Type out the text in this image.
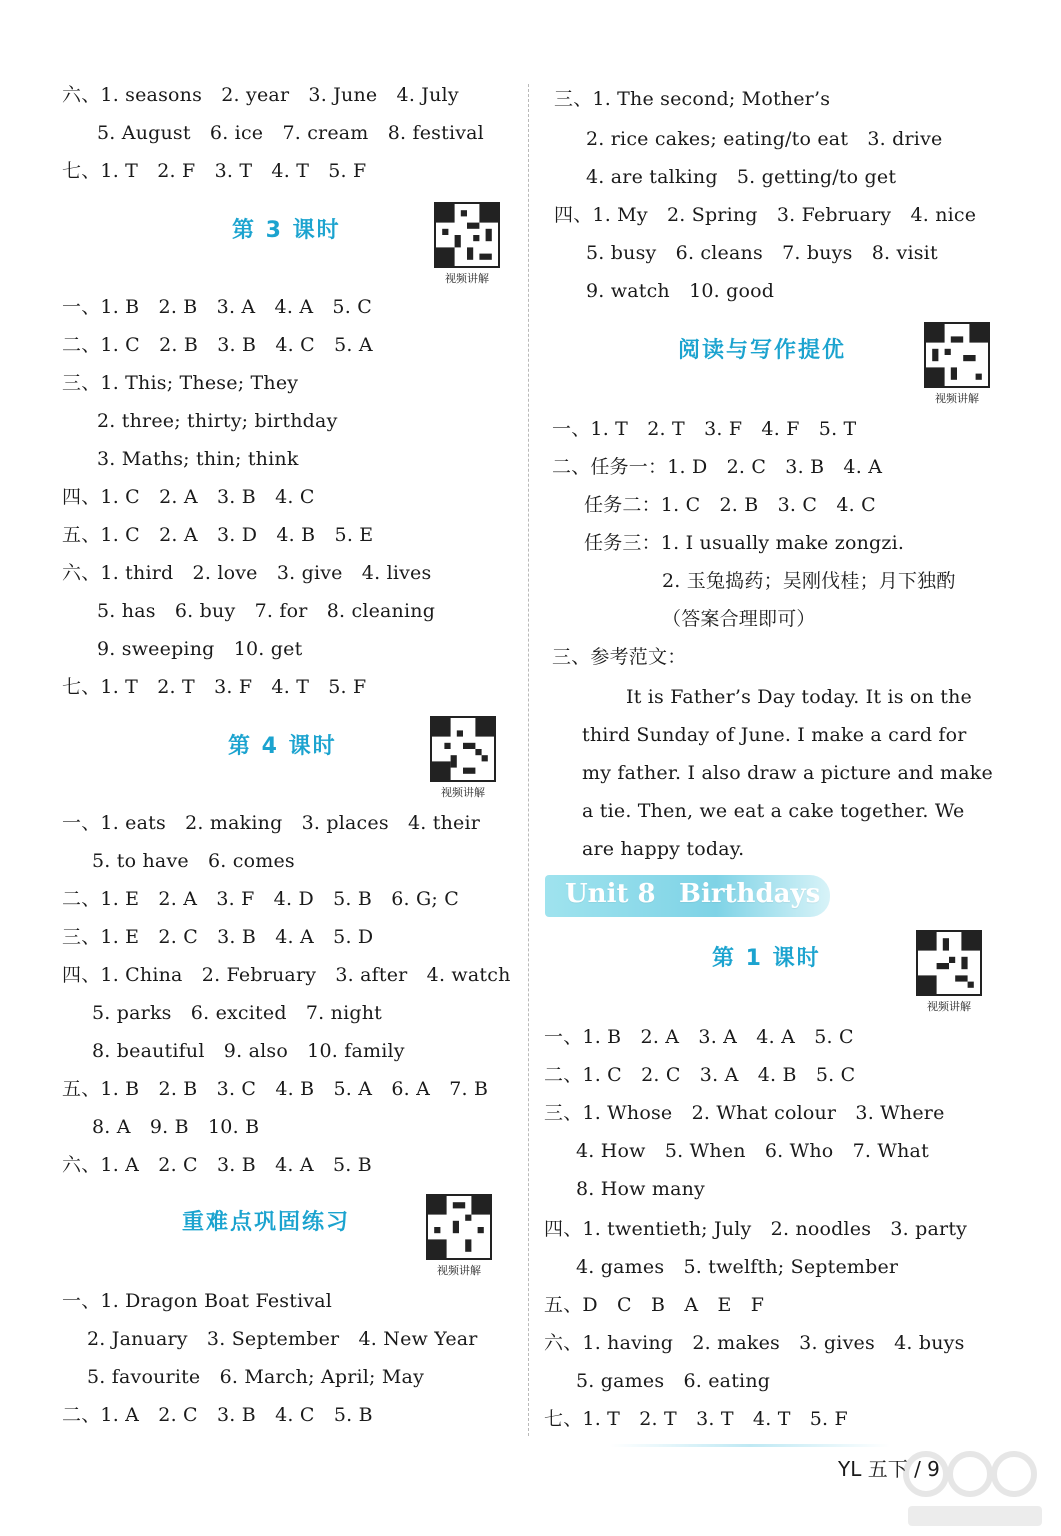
六、1. seasons　2. year　3. June　4. July
5. August　6. ice　7. cream　8. festival
七、1. T　2. F　3. T　4. T　5. F
第 3 课时
视频讲解
一、1. B　2. B　3. A　4. A　5. C
二、1. C　2. B　3. B　4. C　5. A
三、1. This; These; They
2. three; thirty; birthday
3. Maths; thin; think
四、1. C　2. A　3. B　4. C
五、1. C　2. A　3. D　4. B　5. E
六、1. third　2. love　3. give　4. lives
5. has　6. buy　7. for　8. cleaning
9. sweeping　10. get
七、1. T　2. T　3. F　4. T　5. F
第 4 课时
视频讲解
一、1. eats　2. making　3. places　4. their
5. to have　6. comes
二、1. E　2. A　3. F　4. D　5. B　6. G; C
三、1. E　2. C　3. B　4. A　5. D
四、1. China　2. February　3. after　4. watch
5. parks　6. excited　7. night
8. beautiful　9. also　10. family
五、1. B　2. B　3. C　4. B　5. A　6. A　7. B
8. A　9. B　10. B
六、1. A　2. C　3. B　4. A　5. B
重难点巩固练习
视频讲解
一、1. Dragon Boat Festival
2. January　3. September　4. New Year
5. favourite　6. March; April; May
二、1. A　2. C　3. B　4. C　5. B
三、1. The second; Mother’s
2. rice cakes; eating/to eat　3. drive
4. are talking　5. getting/to get
四、1. My　2. Spring　3. February　4. nice
5. busy　6. cleans　7. buys　8. visit
9. watch　10. good
阅读与写作提优
视频讲解
一、1. T　2. T　3. F　4. F　5. T
二、任务一：1. D　2. C　3. B　4. A
任务二：1. C　2. B　3. C　4. C
任务三：1. I usually make zongzi.
2. 玉兔捣药；吴刚伐桂；月下独酌
（答案合理即可）
三、参考范文：
It is Father’s Day today. It is on the
third Sunday of June. I make a card for
my father. I also draw a picture and make
a tie. Then, we eat a cake together. We
are happy today.
Unit 8 Birthdays
第 1 课时
视频讲解
一、1. B　2. A　3. A　4. A　5. C
二、1. C　2. C　3. A　4. B　5. C
三、1. Whose　2. What colour　3. Where
4. How　5. When　6. Who　7. What
8. How many
四、1. twentieth; July　2. noodles　3. party
4. games　5. twelfth; September
五、D　C　B　A　E　F
六、1. having　2. makes　3. gives　4. buys
5. games　6. eating
七、1. T　2. T　3. T　4. T　5. F
YL 五下 / 9
